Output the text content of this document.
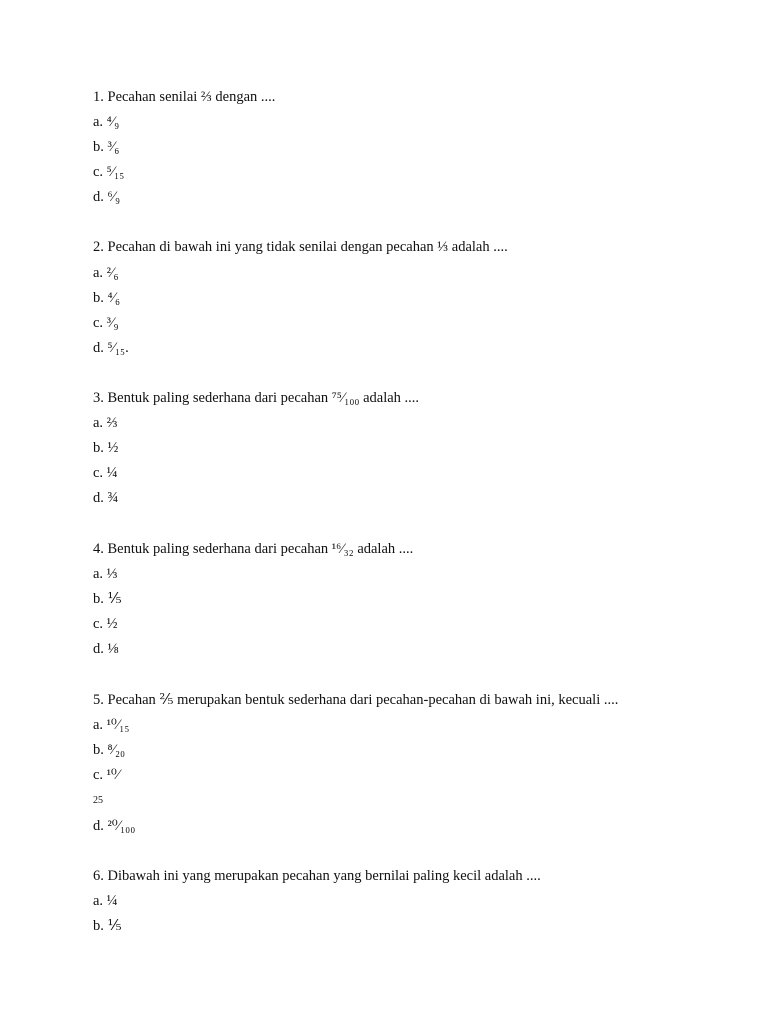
1. Pecahan senilai ⅔ dengan ....
a. ⁴⁄₉
b. ³⁄₆
c. ⁵⁄₁₅
d. ⁶⁄₉
2. Pecahan di bawah ini yang tidak senilai dengan pecahan ⅓ adalah ....
a. ²⁄₆
b. ⁴⁄₆
c. ³⁄₉
d. ⁵⁄₁₅.
3. Bentuk paling sederhana dari pecahan ⁷⁵⁄₁₀₀ adalah ....
a. ⅔
b. ½
c. ¼
d. ¾
4. Bentuk paling sederhana dari pecahan ¹⁶⁄₃₂ adalah ....
a. ⅓
b. ⅕
c. ½
d. ⅛
5. Pecahan ⅖ merupakan bentuk sederhana dari pecahan-pecahan di bawah ini, kecuali ....
a. ¹⁰⁄₁₅
b. ⁸⁄₂₀
c. ¹⁰⁄
25
d. ²⁰⁄₁₀₀
6. Dibawah ini yang merupakan pecahan yang bernilai paling kecil adalah ....
a. ¼
b. ⅕
